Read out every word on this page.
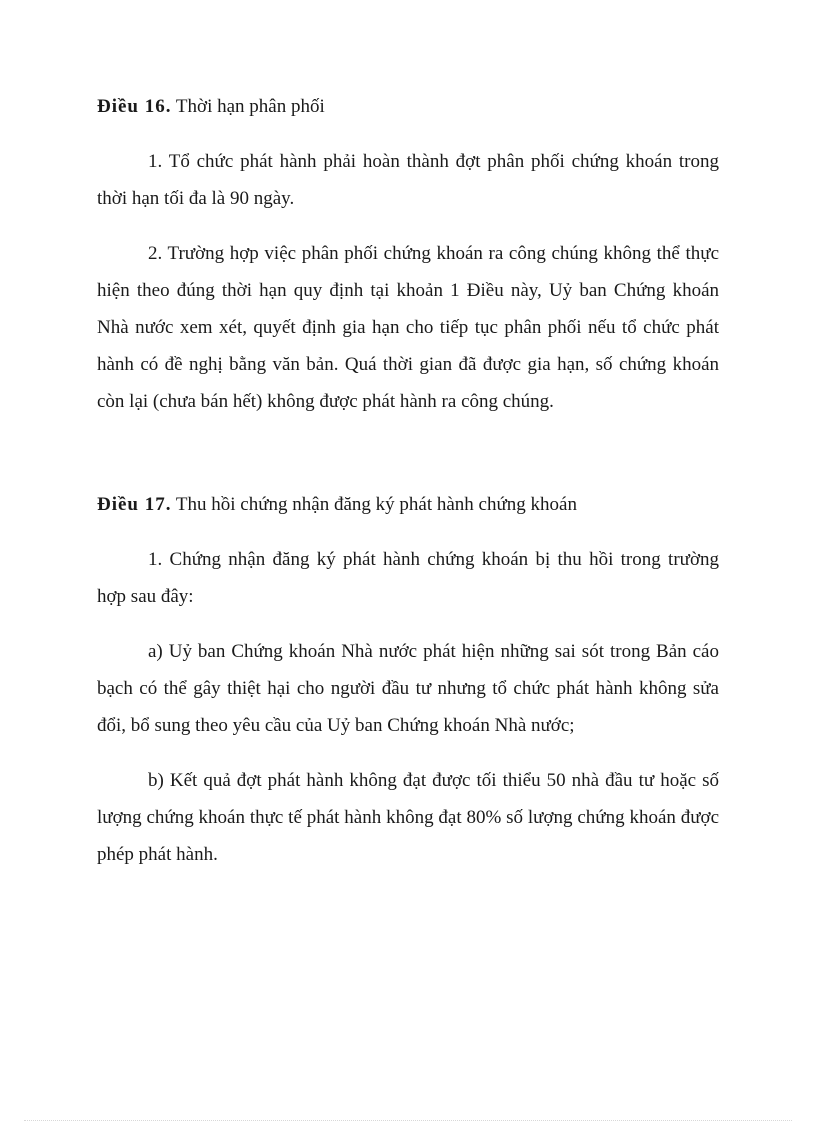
Điều 16. Thời hạn phân phối

1. Tổ chức phát hành phải hoàn thành đợt phân phối chứng khoán trong thời hạn tối đa là 90 ngày.

2. Trường hợp việc phân phối chứng khoán ra công chúng không thể thực hiện theo đúng thời hạn quy định tại khoản 1 Điều này, Uỷ ban Chứng khoán Nhà nước xem xét, quyết định gia hạn cho tiếp tục phân phối nếu tổ chức phát hành có đề nghị bằng văn bản. Quá thời gian đã được gia hạn, số chứng khoán còn lại (chưa bán hết) không được phát hành ra công chúng.

Điều 17. Thu hồi chứng nhận đăng ký phát hành chứng khoán

1. Chứng nhận đăng ký phát hành chứng khoán bị thu hồi trong trường hợp sau đây:

a) Uỷ ban Chứng khoán Nhà nước phát hiện những sai sót trong Bản cáo bạch có thể gây thiệt hại cho người đầu tư nhưng tổ chức phát hành không sửa đổi, bổ sung theo yêu cầu của Uỷ ban Chứng khoán Nhà nước;

b) Kết quả đợt phát hành không đạt được tối thiểu 50 nhà đầu tư hoặc số lượng chứng khoán thực tế phát hành không đạt 80% số lượng chứng khoán được phép phát hành.
